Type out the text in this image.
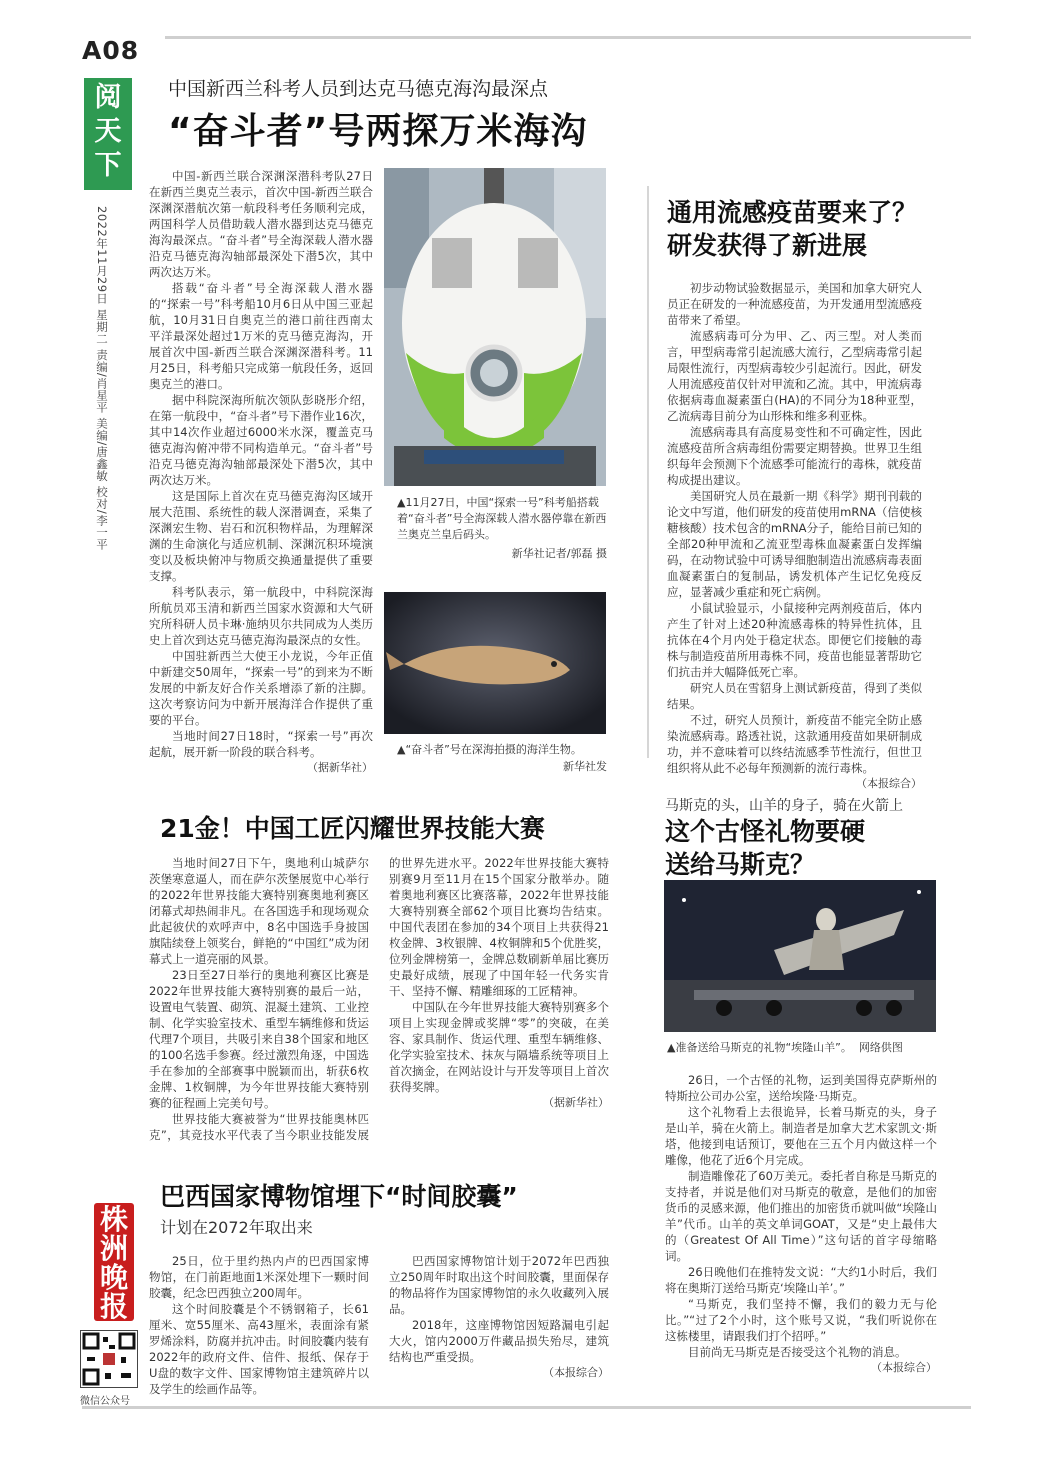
A08
阅天下
2022年11月29日 星期二 责编/肖星平 美编/唐鑫敏 校对/李一平
中国新西兰科考人员到达克马德克海沟最深点
“奋斗者”号两探万米海沟

中国-新西兰联合深渊深潜科考队27日在新西兰奥克兰表示，首次中国-新西兰联合深渊深潜航次第一航段科考任务顺利完成，两国科学人员借助载人潜水器到达克马德克海沟最深点。“奋斗者”号全海深载人潜水器沿克马德克海沟轴部最深处下潜5次，其中两次达万米。

搭载“奋斗者”号全海深载人潜水器的“探索一号”科考船10月6日从中国三亚起航，10月31日自奥克兰的港口前往西南太平洋最深处超过1万米的克马德克海沟，开展首次中国-新西兰联合深渊深潜科考。11月25日，科考船只完成第一航段任务，返回奥克兰的港口。

据中科院深海所航次领队彭晓彤介绍，在第一航段中，“奋斗者”号下潜作业16次，其中14次作业超过6000米水深，覆盖克马德克海沟俯冲带不同构造单元。“奋斗者”号沿克马德克海沟轴部最深处下潜5次，其中两次达万米。

这是国际上首次在克马德克海沟区域开展大范围、系统性的载人深潜调查，采集了深渊宏生物、岩石和沉积物样品，为理解深渊的生命演化与适应机制、深渊沉积环境演变以及板块俯冲与物质交换通量提供了重要支撑。

科考队表示，第一航段中，中科院深海所航员邓玉清和新西兰国家水资源和大气研究所科研人员卡琳·施纳贝尔共同成为人类历史上首次到达克马德克海沟最深点的女性。

中国驻新西兰大使王小龙说，今年正值中新建交50周年，“探索一号”的到来为不断发展的中新友好合作关系增添了新的注脚。这次考察访问为中新开展海洋合作提供了重要的平台。

当地时间27日18时，“探索一号”再次起航，展开新一阶段的联合科考。

（据新华社）
▲11月27日，中国“探索一号”科考船搭载着“奋斗者”号全海深载人潜水器停靠在新西兰奥克兰皇后码头。
新华社记者/郭磊 摄
▲“奋斗者”号在深海拍摄的海洋生物。
新华社发
通用流感疫苗要来了？研发获得了新进展

初步动物试验数据显示，美国和加拿大研究人员正在研发的一种流感疫苗，为开发通用型流感疫苗带来了希望。

流感病毒可分为甲、乙、丙三型。对人类而言，甲型病毒常引起流感大流行，乙型病毒常引起局限性流行，丙型病毒较少引起流行。因此，研发人用流感疫苗仅针对甲流和乙流。其中，甲流病毒依据病毒血凝素蛋白(HA)的不同分为18种亚型，乙流病毒目前分为山形株和维多利亚株。

流感病毒具有高度易变性和不可确定性，因此流感疫苗所含病毒组份需要定期替换。世界卫生组织每年会预测下个流感季可能流行的毒株，就疫苗构成提出建议。

美国研究人员在最新一期《科学》期刊刊载的论文中写道，他们研发的疫苗使用mRNA（信使核糖核酸）技术包含的mRNA分子，能给目前已知的全部20种甲流和乙流亚型毒株血凝素蛋白发挥编码，在动物试验中可诱导细胞制造出流感病毒表面血凝素蛋白的复制品，诱发机体产生记忆免疫反应，显著减少重症和死亡病例。

小鼠试验显示，小鼠接种完两剂疫苗后，体内产生了针对上述20种流感毒株的特异性抗体，且抗体在4个月内处于稳定状态。即便它们接触的毒株与制造疫苗所用毒株不同，疫苗也能显著帮助它们抗击并大幅降低死亡率。

研究人员在雪貂身上测试新疫苗，得到了类似结果。

不过，研究人员预计，新疫苗不能完全防止感染流感病毒。路透社说，这款通用疫苗如果研制成功，并不意味着可以终结流感季节性流行，但世卫组织将从此不必每年预测新的流行毒株。

（本报综合）
21金！中国工匠闪耀世界技能大赛

当地时间27日下午，奥地利山城萨尔茨堡寒意逼人，而在萨尔茨堡展览中心举行的2022年世界技能大赛特别赛奥地利赛区闭幕式却热闹非凡。在各国选手和现场观众此起彼伏的欢呼声中，8名中国选手身披国旗陆续登上领奖台，鲜艳的“中国红”成为闭幕式上一道亮丽的风景。

23日至27日举行的奥地利赛区比赛是2022年世界技能大赛特别赛的最后一站，设置电气装置、砌筑、混凝土建筑、工业控制、化学实验室技术、重型车辆维修和货运代理7个项目，共吸引来自38个国家和地区的100名选手参赛。经过激烈角逐，中国选手在参加的全部赛事中脱颖而出，斩获6枚金牌、1枚铜牌，为今年世界技能大赛特别赛的征程画上完美句号。

世界技能大赛被誉为“世界技能奥林匹克”，其竞技水平代表了当今职业技能发展的世界先进水平。2022年世界技能大赛特别赛9月至11月在15个国家分散举办。随着奥地利赛区比赛落幕，2022年世界技能大赛特别赛全部62个项目比赛均告结束。中国代表团在参加的34个项目上共获得21枚金牌、3枚银牌、4枚铜牌和5个优胜奖，位列金牌榜第一，金牌总数刷新单届比赛历史最好成绩，展现了中国年轻一代务实肯干、坚持不懈、精雕细琢的工匠精神。

中国队在今年世界技能大赛特别赛多个项目上实现金牌或奖牌“零”的突破，在美容、家具制作、货运代理、重型车辆维修、化学实验室技术、抹灰与隔墙系统等项目上首次摘金，在网站设计与开发等项目上首次获得奖牌。

（据新华社）
马斯克的头，山羊的身子，骑在火箭上
这个古怪礼物要硬送给马斯克？
▲准备送给马斯克的礼物“埃隆山羊”。 网络供图

26日，一个古怪的礼物，运到美国得克萨斯州的特斯拉公司办公室，送给埃隆·马斯克。

这个礼物看上去很诡异，长着马斯克的头，身子是山羊，骑在火箭上。制造者是加拿大艺术家凯文·斯塔，他接到电话预订，要他在三五个月内做这样一个雕像，他花了近6个月完成。

制造雕像花了60万美元。委托者自称是马斯克的支持者，并说是他们对马斯克的敬意，是他们的加密货币的灵感来源，他们推出的加密货币就叫做“埃隆山羊”代币。山羊的英文单词GOAT，又是“史上最伟大的（Greatest Of All Time）”这句话的首字母缩略词。

26日晚他们在推特发文说：“大约1小时后，我们将在奥斯汀送给马斯克‘埃隆山羊’。”

“马斯克，我们坚持不懈，我们的毅力无与伦比。”“过了2个小时，这个账号又说，“我们听说你在这栋楼里，请跟我们打个招呼。”

目前尚无马斯克是否接受这个礼物的消息。

（本报综合）
巴西国家博物馆埋下“时间胶囊”
计划在2072年取出来

25日，位于里约热内卢的巴西国家博物馆，在门前距地面1米深处埋下一颗时间胶囊，纪念巴西独立200周年。

这个时间胶囊是个不锈钢箱子，长61厘米、宽55厘米、高43厘米，表面涂有紧罗烯涂料，防腐并抗冲击。时间胶囊内装有2022年的政府文件、信件、报纸、保存于U盘的数字文件、国家博物馆主建筑碎片以及学生的绘画作品等。

巴西国家博物馆计划于2072年巴西独立250周年时取出这个时间胶囊，里面保存的物品将作为国家博物馆的永久收藏列入展品。

2018年，这座博物馆因短路漏电引起大火，馆内2000万件藏品损失殆尽，建筑结构也严重受损。

（本报综合）
株洲晚报
微信公众号
